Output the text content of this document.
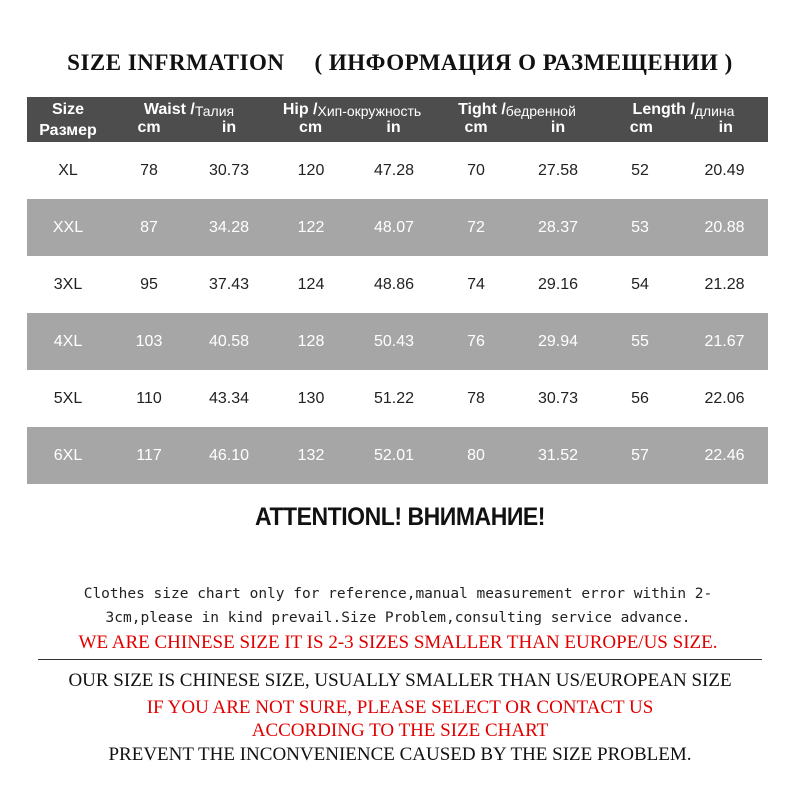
SIZE INFRMATION ( ИНФОРМАЦИЯ О РАЗМЕЩЕНИИ )
Size
Размер
Waist / Талия
cm	in
Hip / Хип-окружность
cm	in
Tight / бедренной
cm	in
Length / длина
cm	in
XL	78	30.73	120	47.28	70	27.58	52	20.49
XXL	87	34.28	122	48.07	72	28.37	53	20.88
3XL	95	37.43	124	48.86	74	29.16	54	21.28
4XL	103	40.58	128	50.43	76	29.94	55	21.67
5XL	110	43.34	130	51.22	78	30.73	56	22.06
6XL	117	46.10	132	52.01	80	31.52	57	22.46
ATTENTIONL! ВНИМАНИЕ!
Clothes size chart only for reference,manual measurement error within 2-
3cm,please in kind prevail.Size Problem,consulting service advance.
WE ARE CHINESE SIZE IT IS 2-3 SIZES SMALLER THAN EUROPE/US SIZE.
OUR SIZE IS CHINESE SIZE, USUALLY SMALLER THAN US/EUROPEAN SIZE
IF YOU ARE NOT SURE, PLEASE SELECT OR CONTACT US
ACCORDING TO THE SIZE CHART
PREVENT THE INCONVENIENCE CAUSED BY THE SIZE PROBLEM.
